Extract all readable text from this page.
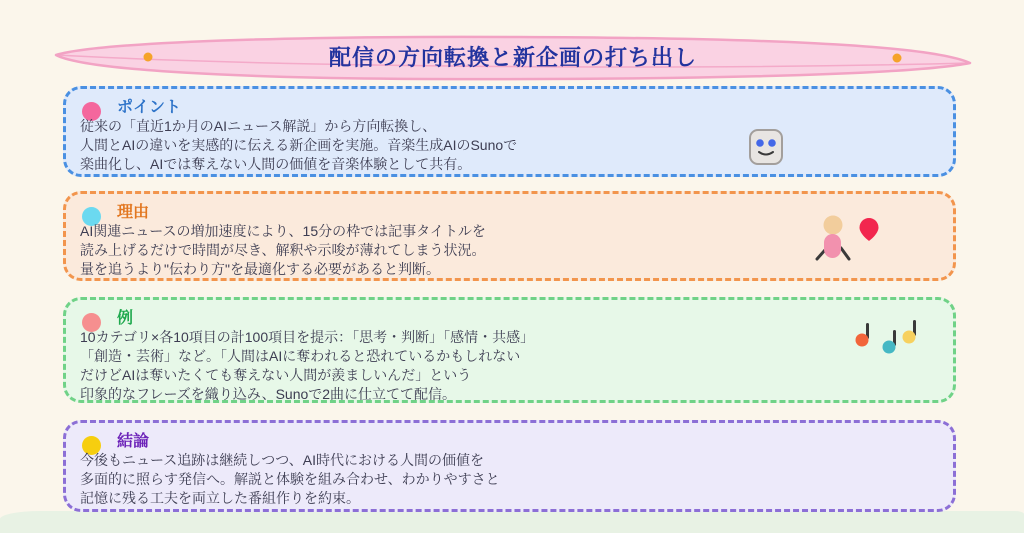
配信の方向転換と新企画の打ち出し
ポイント
従来の「直近1か月のAIニュース解説」から方向転換し、
人間とAIの違いを実感的に伝える新企画を実施。音楽生成AIのSunoで
楽曲化し、AIでは奪えない人間の価値を音楽体験として共有。
理由
AI関連ニュースの増加速度により、15分の枠では記事タイトルを
読み上げるだけで時間が尽き、解釈や示唆が薄れてしまう状況。
量を追うより"伝わり方"を最適化する必要があると判断。
例
10カテゴリ×各10項目の計100項目を提示：「思考・判断」「感情・共感」
「創造・芸術」など。「人間はAIに奪われると恐れているかもしれない
だけどAIは奪いたくても奪えない人間が羨ましいんだ」という
印象的なフレーズを織り込み、Sunoで2曲に仕立てて配信。
結論
今後もニュース追跡は継続しつつ、AI時代における人間の価値を
多面的に照らす発信へ。解説と体験を組み合わせ、わかりやすさと
記憶に残る工夫を両立した番組作りを約束。
